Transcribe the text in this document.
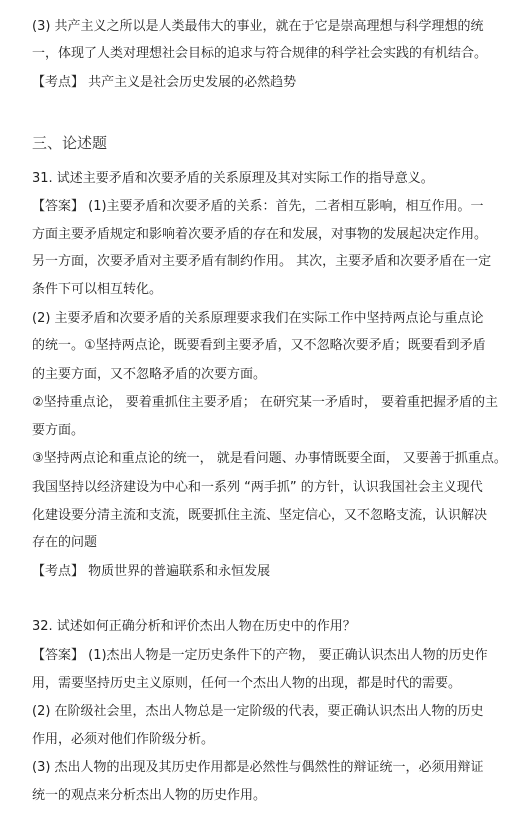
(3) 共产主义之所以是人类最伟大的事业，就在于它是崇高理想与科学理想的统
一，体现了人类对理想社会目标的追求与符合规律的科学社会实践的有机结合。
【考点】 共产主义是社会历史发展的必然趋势
三、论述题
31. 试述主要矛盾和次要矛盾的关系原理及其对实际工作的指导意义。
【答案】 (1)主要矛盾和次要矛盾的关系：首先，二者相互影响，相互作用。一
方面主要矛盾规定和影响着次要矛盾的存在和发展，对事物的发展起决定作用。
另一方面，次要矛盾对主要矛盾有制约作用。 其次，主要矛盾和次要矛盾在一定
条件下可以相互转化。
(2) 主要矛盾和次要矛盾的关系原理要求我们在实际工作中坚持两点论与重点论
的统一。①坚持两点论，既要看到主要矛盾，又不忽略次要矛盾；既要看到矛盾
的主要方面，又不忽略矛盾的次要方面。
②坚持重点论， 要着重抓住主要矛盾； 在研究某一矛盾时， 要着重把握矛盾的主
要方面。
③坚持两点论和重点论的统一， 就是看问题、办事情既要全面， 又要善于抓重点。
我国坚持以经济建设为中心和一系列 “两手抓” 的方针，认识我国社会主义现代
化建设要分清主流和支流，既要抓住主流、坚定信心，又不忽略支流，认识解决
存在的问题
【考点】 物质世界的普遍联系和永恒发展
32. 试述如何正确分析和评价杰出人物在历史中的作用？
【答案】 (1)杰出人物是一定历史条件下的产物， 要正确认识杰出人物的历史作
用，需要坚持历史主义原则，任何一个杰出人物的出现，都是时代的需要。
(2) 在阶级社会里，杰出人物总是一定阶级的代表，要正确认识杰出人物的历史
作用，必须对他们作阶级分析。
(3) 杰出人物的出现及其历史作用都是必然性与偶然性的辩证统一，必须用辩证
统一的观点来分析杰出人物的历史作用。
